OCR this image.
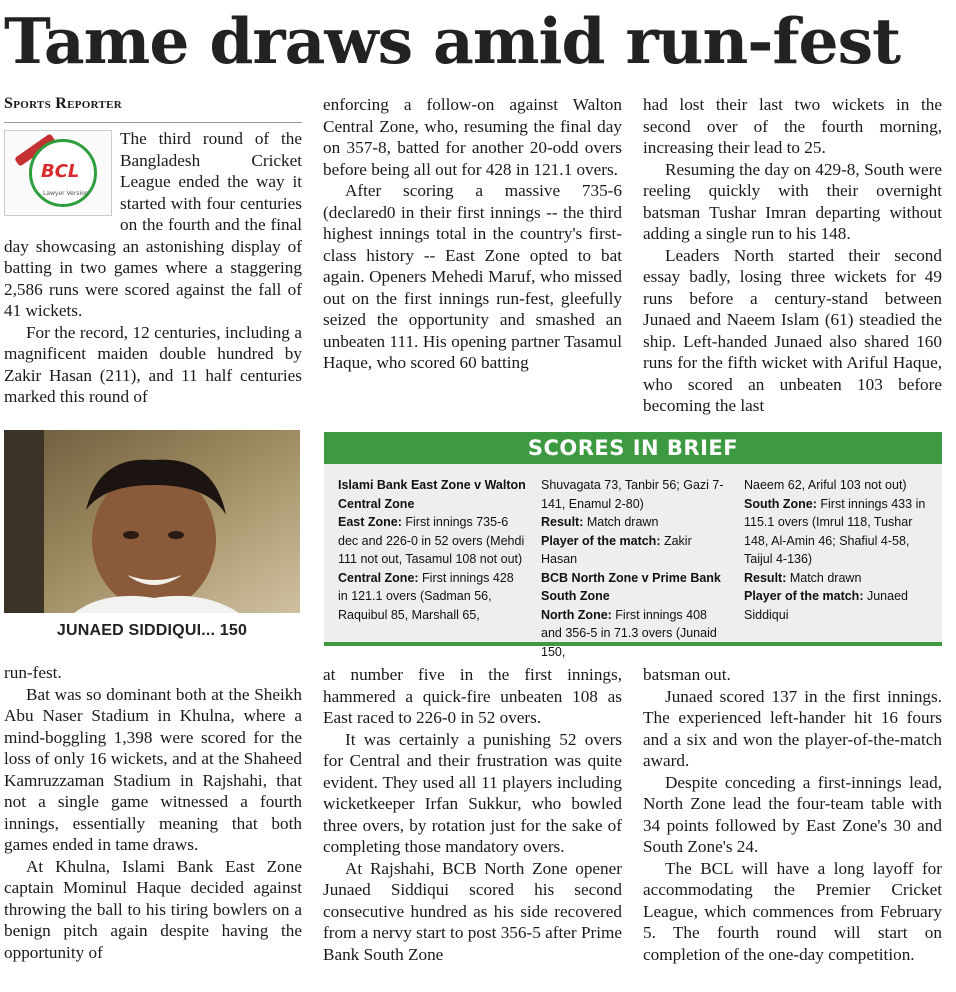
Tame draws amid run-fest
Sports Reporter
BCL
Lawyer Version

The third round of the Bangladesh Cricket League ended the way it started with four centuries on the fourth and the final day showcasing an astonishing display of batting in two games where a staggering 2,586 runs were scored against the fall of 41 wickets.

For the record, 12 centuries, including a magnificent maiden double hundred by Zakir Hasan (211), and 11 half centuries marked this round of

enforcing a follow-on against Walton Central Zone, who, resuming the final day on 357-8, batted for another 20-odd overs before being all out for 428 in 121.1 overs.

After scoring a massive 735-6 (declared0 in their first innings -- the third highest innings total in the country's first-class history -- East Zone opted to bat again. Openers Mehedi Maruf, who missed out on the first innings run-fest, gleefully seized the opportunity and smashed an unbeaten 111. His opening partner Tasamul Haque, who scored 60 batting

had lost their last two wickets in the second over of the fourth morning, increasing their lead to 25.

Resuming the day on 429-8, South were reeling quickly with their overnight batsman Tushar Imran departing without adding a single run to his 148.

Leaders North started their second essay badly, losing three wickets for 49 runs before a century-stand between Junaed and Naeem Islam (61) steadied the ship. Left-handed Junaed also shared 160 runs for the fifth wicket with Ariful Haque, who scored an unbeaten 103 before becoming the last

JUNAED SIDDIQUI... 150
SCORES IN BRIEF
Islami Bank East Zone v Walton Central Zone
East Zone: First innings 735-6 dec and 226-0 in 52 overs (Mehdi 111 not out, Tasamul 108 not out)
Central Zone: First innings 428 in 121.1 overs (Sadman 56, Raquibul 85, Marshall 65,
Shuvagata 73, Tanbir 56; Gazi 7-141, Enamul 2-80)
Result: Match drawn
Player of the match: Zakir Hasan
BCB North Zone v Prime Bank South Zone
North Zone: First innings 408 and 356-5 in 71.3 overs (Junaid 150,
Naeem 62, Ariful 103 not out)
South Zone: First innings 433 in 115.1 overs (Imrul 118, Tushar 148, Al-Amin 46; Shafiul 4-58, Taijul 4-136)
Result: Match drawn
Player of the match: Junaed Siddiqui

run-fest.

Bat was so dominant both at the Sheikh Abu Naser Stadium in Khulna, where a mind-boggling 1,398 were scored for the loss of only 16 wickets, and at the Shaheed Kamruzzaman Stadium in Rajshahi, that not a single game witnessed a fourth innings, essentially meaning that both games ended in tame draws.

At Khulna, Islami Bank East Zone captain Mominul Haque decided against throwing the ball to his tiring bowlers on a benign pitch again despite having the opportunity of

at number five in the first innings, hammered a quick-fire unbeaten 108 as East raced to 226-0 in 52 overs.

It was certainly a punishing 52 overs for Central and their frustration was quite evident. They used all 11 players including wicketkeeper Irfan Sukkur, who bowled three overs, by rotation just for the sake of completing those mandatory overs.

At Rajshahi, BCB North Zone opener Junaed Siddiqui scored his second consecutive hundred as his side recovered from a nervy start to post 356-5 after Prime Bank South Zone

batsman out.

Junaed scored 137 in the first innings. The experienced left-hander hit 16 fours and a six and won the player-of-the-match award.

Despite conceding a first-innings lead, North Zone lead the four-team table with 34 points followed by East Zone's 30 and South Zone's 24.

The BCL will have a long layoff for accommodating the Premier Cricket League, which commences from February 5. The fourth round will start on completion of the one-day competition.
